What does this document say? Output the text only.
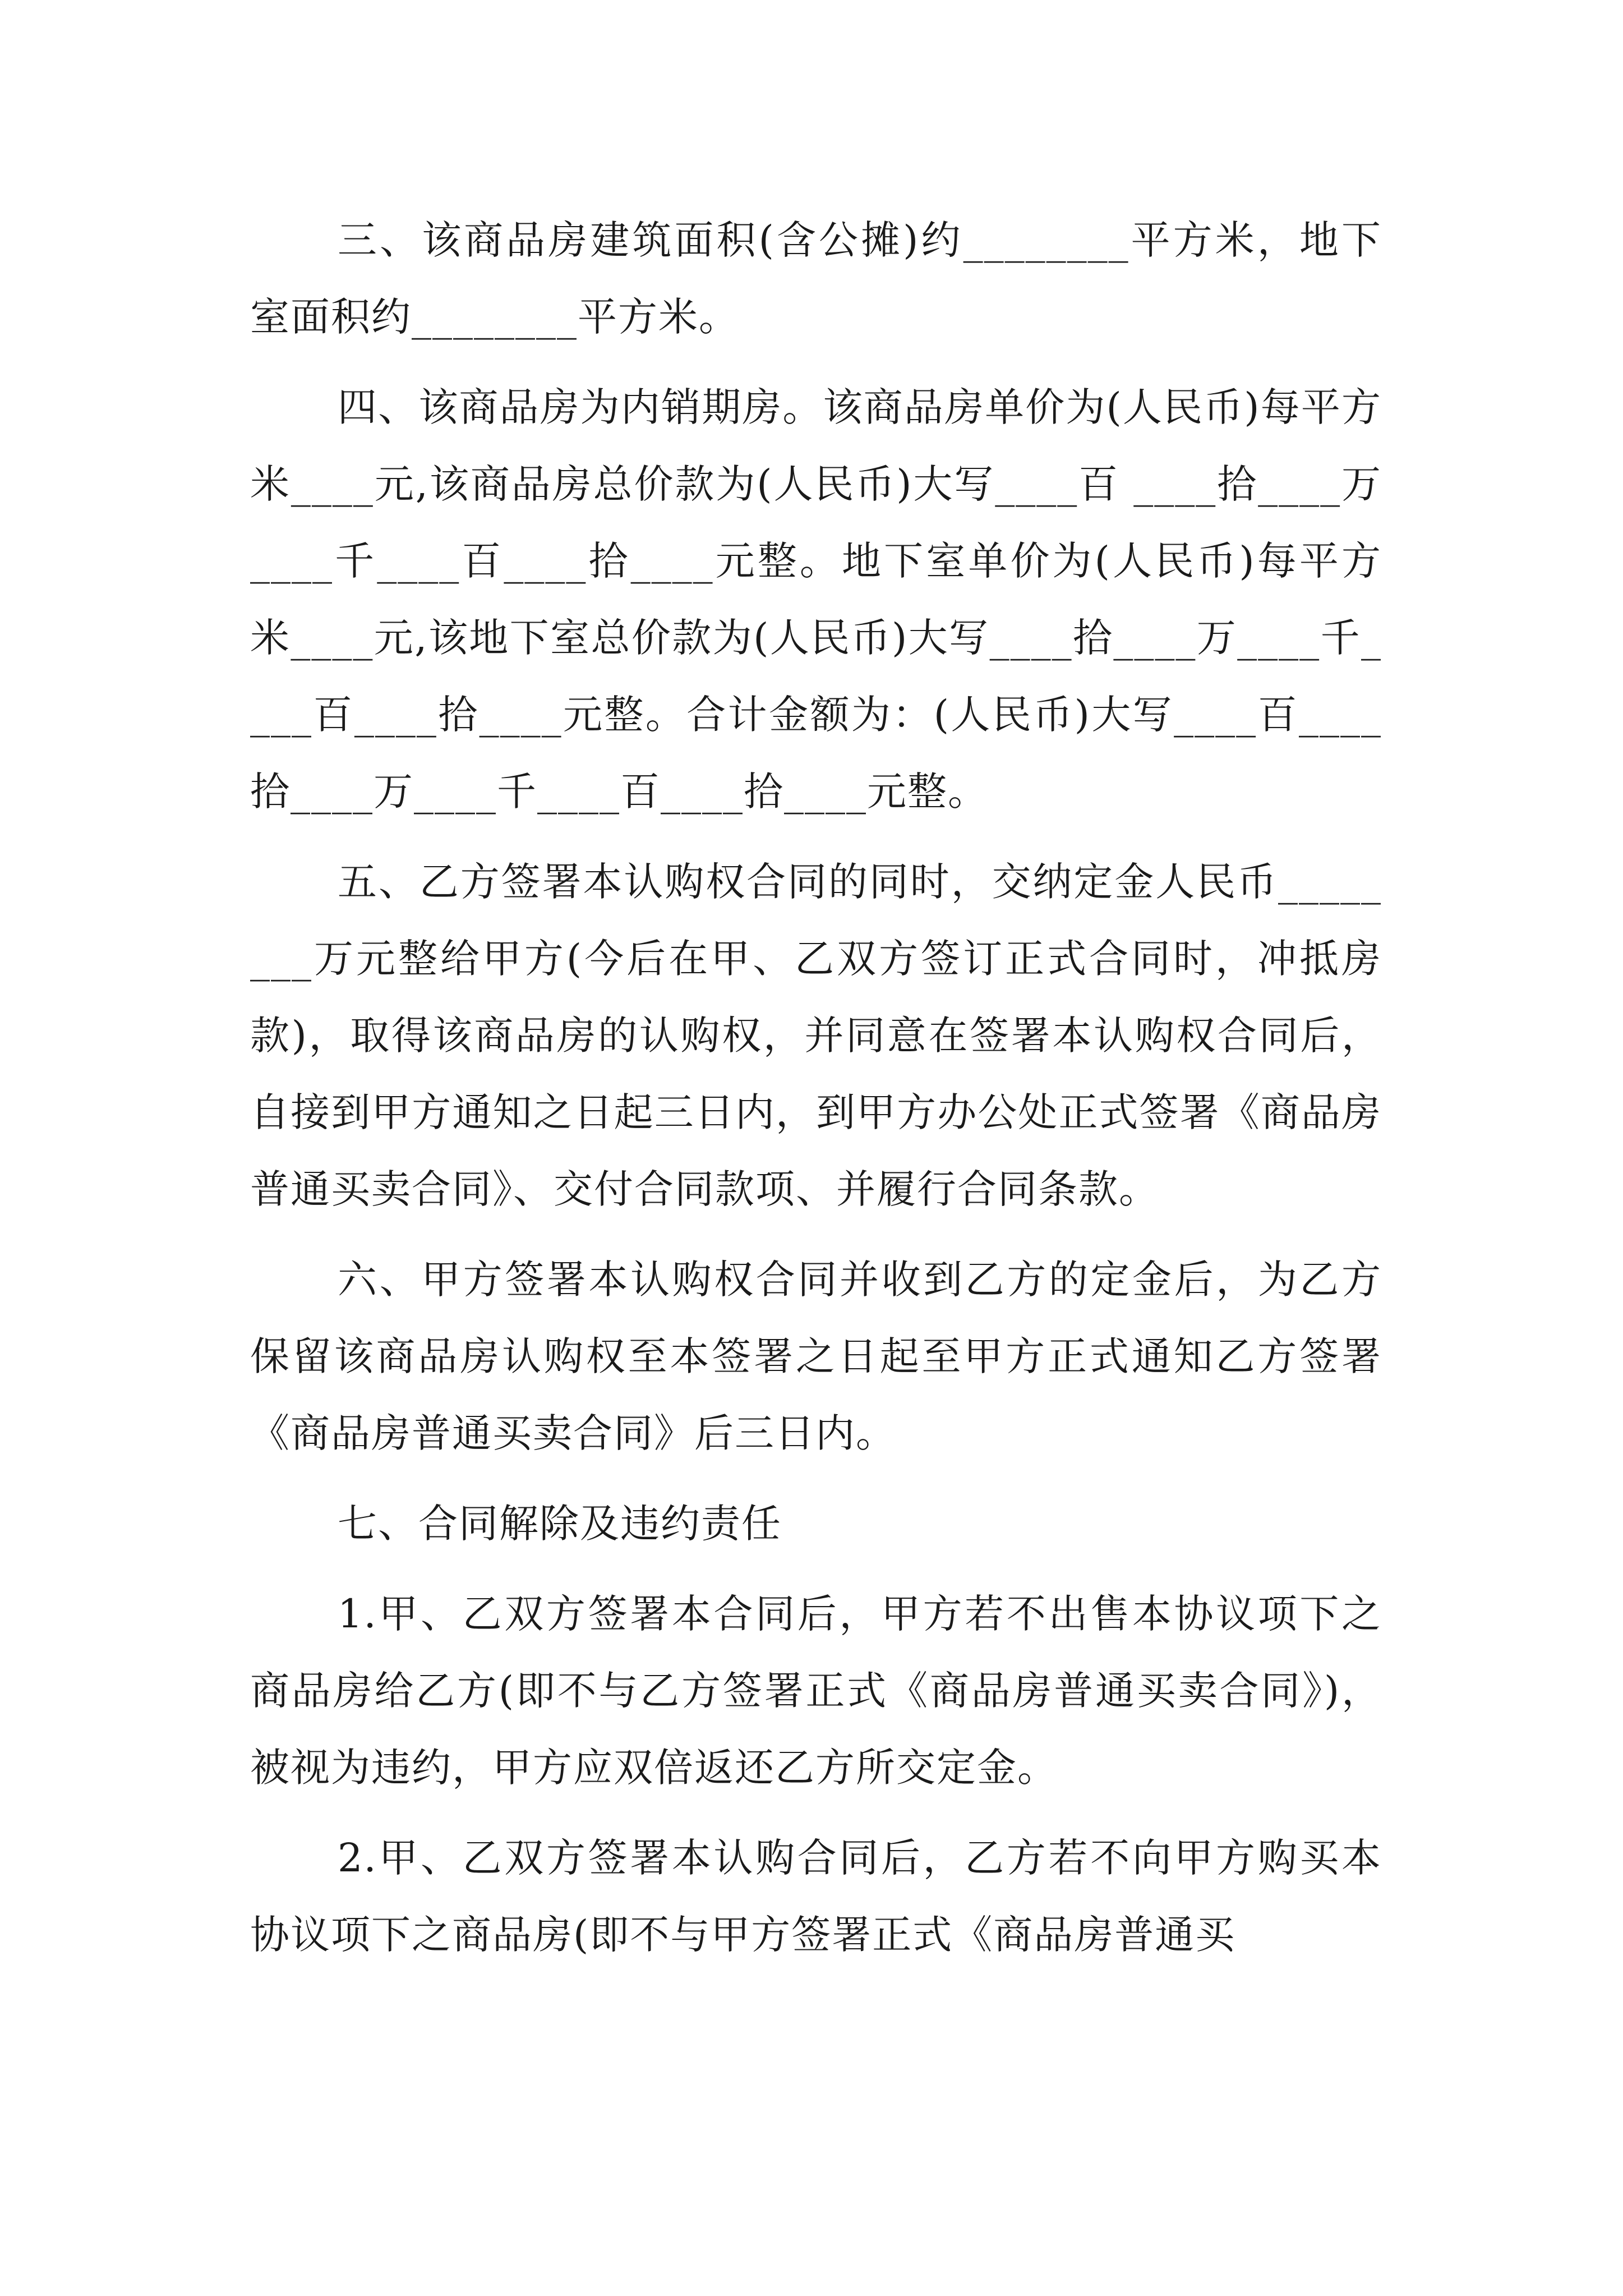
三、该商品房建筑面积(含公摊)约________平方米，地下室面积约________平方米。

四、该商品房为内销期房。该商品房单价为(人民币)每平方米____元,该商品房总价款为(人民币)大写____百 ____拾____万____千____百____拾____元整。地下室单价为(人民币)每平方米____元,该地下室总价款为(人民币)大写____拾____万____千____百____拾____元整。合计金额为：(人民币)大写____百____ 拾____万____千____百____拾____元整。

五、乙方签署本认购权合同的同时，交纳定金人民币________万元整给甲方(今后在甲、乙双方签订正式合同时，冲抵房款)，取得该商品房的认购权，并同意在签署本认购权合同后，自接到甲方通知之日起三日内，到甲方办公处正式签署《商品房普通买卖合同》、交付合同款项、并履行合同条款。

六、甲方签署本认购权合同并收到乙方的定金后，为乙方保留该商品房认购权至本签署之日起至甲方正式通知乙方签署《商品房普通买卖合同》后三日内。

七、合同解除及违约责任

1.甲、乙双方签署本合同后，甲方若不出售本协议项下之商品房给乙方(即不与乙方签署正式《商品房普通买卖合同》)，被视为违约，甲方应双倍返还乙方所交定金。

2.甲、乙双方签署本认购合同后，乙方若不向甲方购买本协议项下之商品房(即不与甲方签署正式《商品房普通买
